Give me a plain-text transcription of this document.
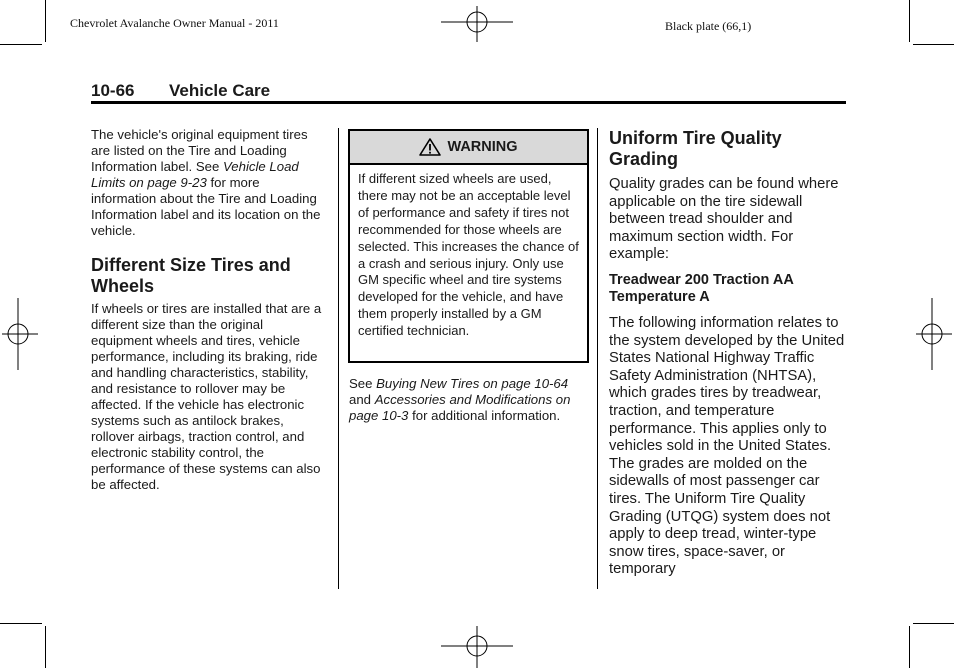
Chevrolet Avalanche Owner Manual - 2011	Black plate (66,1)
10-66 Vehicle Care

The vehicle's original equipment tires are listed on the Tire and Loading Information label. See Vehicle Load Limits on page 9-23 for more information about the Tire and Loading Information label and its location on the vehicle.

Different Size Tires and Wheels

If wheels or tires are installed that are a different size than the original equipment wheels and tires, vehicle performance, including its braking, ride and handling characteristics, stability, and resistance to rollover may be affected. If the vehicle has electronic systems such as antilock brakes, rollover airbags, traction control, and electronic stability control, the performance of these systems can also be affected.

WARNING
If different sized wheels are used, there may not be an acceptable level of performance and safety if tires not recommended for those wheels are selected. This increases the chance of a crash and serious injury. Only use GM specific wheel and tire systems developed for the vehicle, and have them properly installed by a GM certified technician.

See Buying New Tires on page 10-64 and Accessories and Modifications on page 10-3 for additional information.

Uniform Tire Quality Grading

Quality grades can be found where applicable on the tire sidewall between tread shoulder and maximum section width. For example:

Treadwear 200 Traction AA Temperature A

The following information relates to the system developed by the United States National Highway Traffic Safety Administration (NHTSA), which grades tires by treadwear, traction, and temperature performance. This applies only to vehicles sold in the United States. The grades are molded on the sidewalls of most passenger car tires. The Uniform Tire Quality Grading (UTQG) system does not apply to deep tread, winter-type snow tires, space-saver, or temporary
